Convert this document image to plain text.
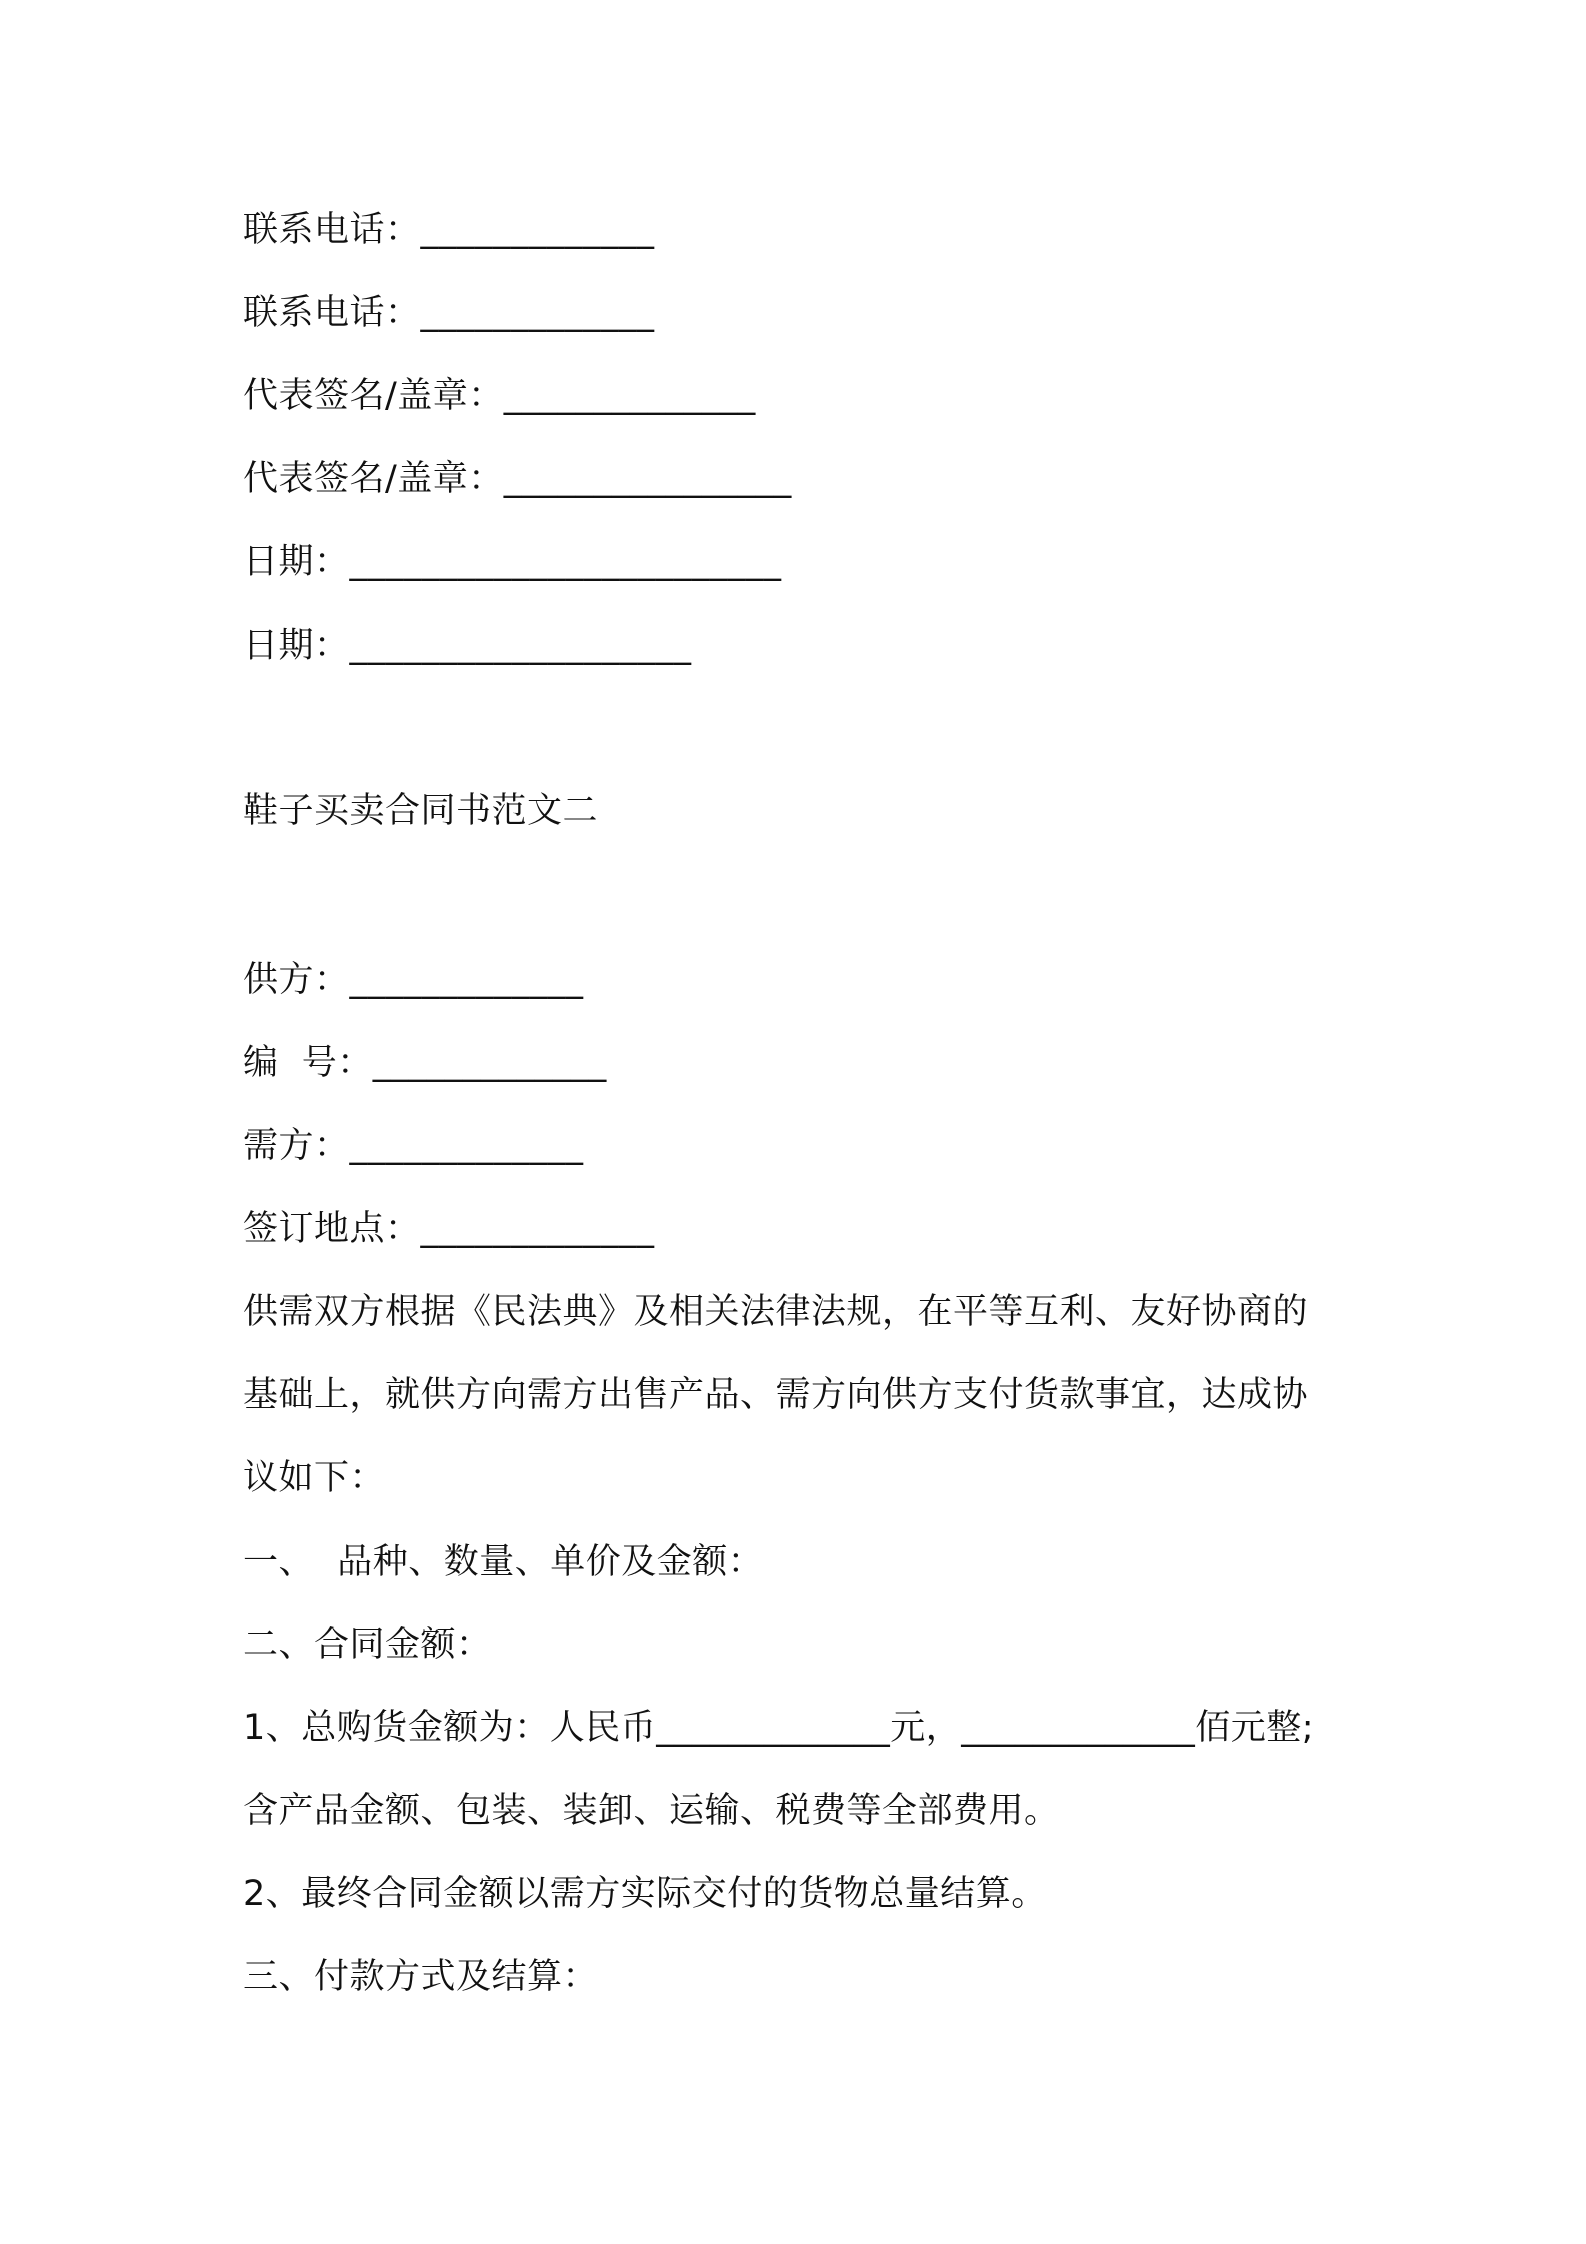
联系电话：_____________
联系电话：_____________
代表签名/盖章：______________
代表签名/盖章：________________
日期：________________________
日期：___________________
鞋子买卖合同书范文二
供方：_____________
编  号：_____________
需方：_____________
签订地点：_____________
供需双方根据《民法典》及相关法律法规，在平等互利、友好协商的
基础上，就供方向需方出售产品、需方向供方支付货款事宜，达成协
议如下：
一、  品种、数量、单价及金额：
二、合同金额：
1、总购货金额为：人民币_____________元，_____________佰元整;
含产品金额、包装、装卸、运输、税费等全部费用。
2、最终合同金额以需方实际交付的货物总量结算。
三、付款方式及结算：
